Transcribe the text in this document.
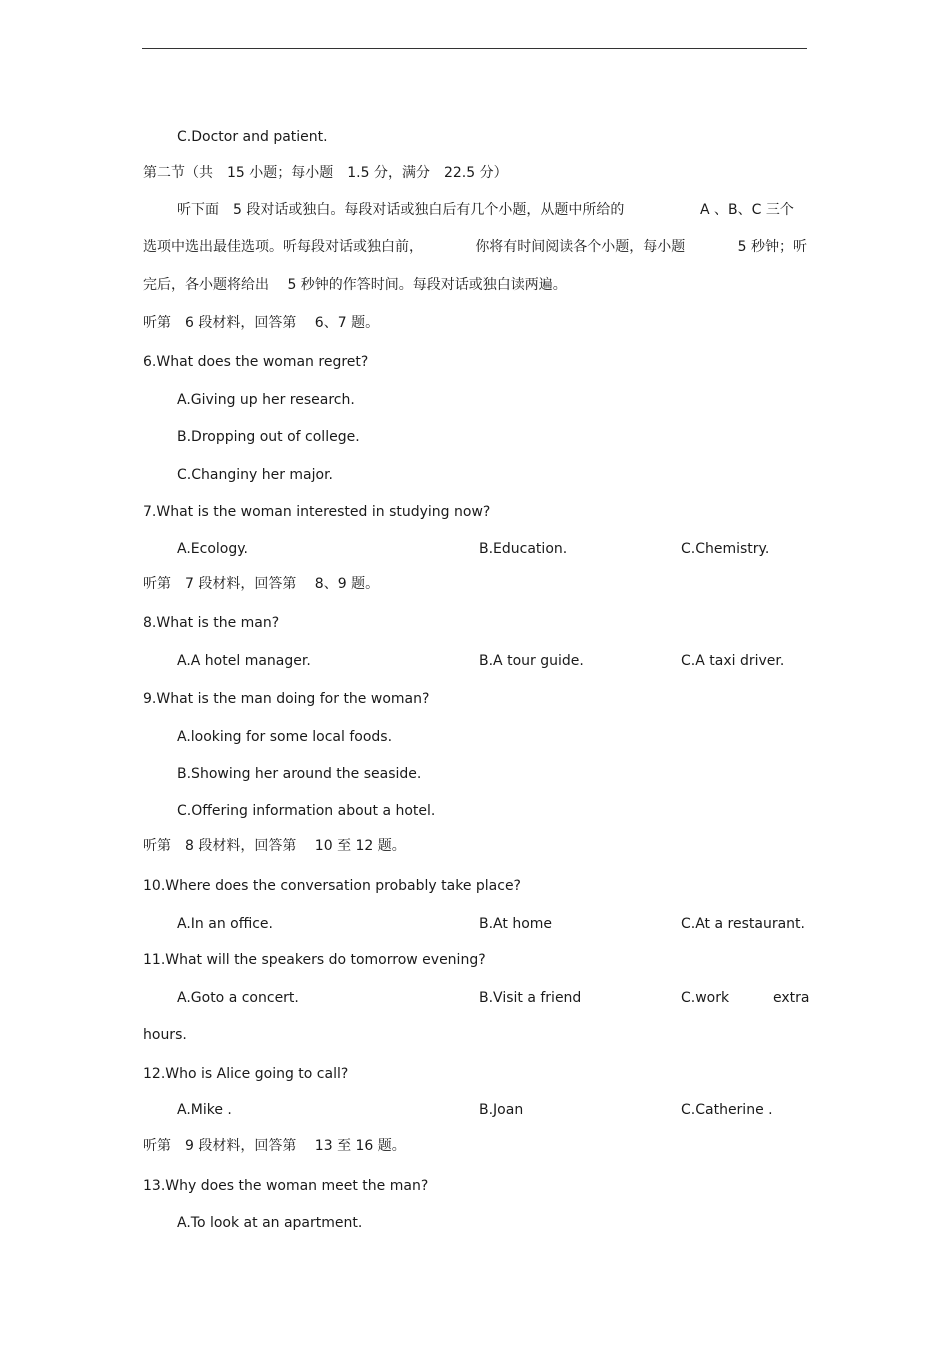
C.Doctor and patient.
第二节（共　15 小题；每小题　1.5 分，满分　22.5 分）
听下面　5 段对话或独白。每段对话或独白后有几个小题，从题中所给的	A 、B、C 三个
选项中选出最佳选项。听每段对话或独白前，	你将有时间阅读各个小题，每小题	5 秒钟；听
完后，各小题将给出　 5 秒钟的作答时间。每段对话或独白读两遍。
听第　6 段材料，回答第　 6、7 题。
6.What does the woman regret?
A.Giving up her research.
B.Dropping out of college.
C.Changiny her major.
7.What is the woman interested in studying now?
A.Ecology.	B.Education.	C.Chemistry.
听第　7 段材料，回答第　 8、9 题。
8.What is the man?
A.A hotel manager.	B.A tour guide.	C.A taxi driver.
9.What is the man doing for the woman?
A.looking for some local foods.
B.Showing her around the seaside.
C.Offering information about a hotel.
听第　8 段材料，回答第　 10 至 12 题。
10.Where does the conversation probably take place?
A.In an office.	B.At home	C.At a restaurant.
11.What will the speakers do tomorrow evening?
A.Goto a concert.	B.Visit a friend	C.work	extra
hours.
12.Who is Alice going to call?
A.Mike .	B.Joan	C.Catherine .
听第　9 段材料，回答第　 13 至 16 题。
13.Why does the woman meet the man?
A.To look at an apartment.
